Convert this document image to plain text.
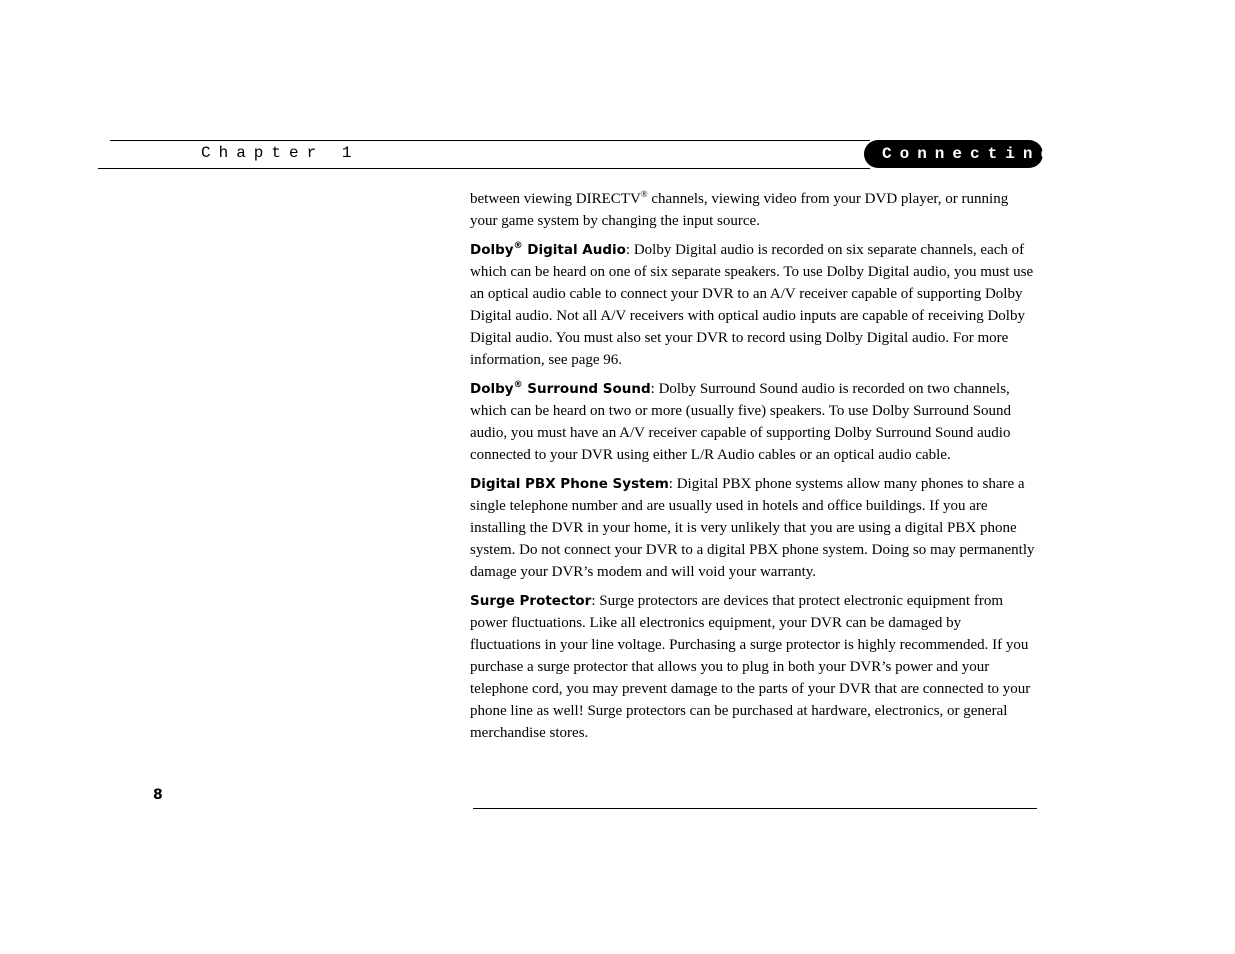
Chapter 1	Connecting

between viewing DIRECTV® channels, viewing video from your DVD player, or running your game system by changing the input source.

Dolby® Digital Audio: Dolby Digital audio is recorded on six separate channels, each of which can be heard on one of six separate speakers. To use Dolby Digital audio, you must use an optical audio cable to connect your DVR to an A/V receiver capable of supporting Dolby Digital audio. Not all A/V receivers with optical audio inputs are capable of receiving Dolby Digital audio. You must also set your DVR to record using Dolby Digital audio. For more information, see page 96.

Dolby® Surround Sound: Dolby Surround Sound audio is recorded on two channels, which can be heard on two or more (usually five) speakers. To use Dolby Surround Sound audio, you must have an A/V receiver capable of supporting Dolby Surround Sound audio connected to your DVR using either L/R Audio cables or an optical audio cable.

Digital PBX Phone System: Digital PBX phone systems allow many phones to share a single telephone number and are usually used in hotels and office buildings. If you are installing the DVR in your home, it is very unlikely that you are using a digital PBX phone system. Do not connect your DVR to a digital PBX phone system. Doing so may permanently damage your DVR’s modem and will void your warranty.

Surge Protector: Surge protectors are devices that protect electronic equipment from power fluctuations. Like all electronics equipment, your DVR can be damaged by fluctuations in your line voltage. Purchasing a surge protector is highly recommended. If you purchase a surge protector that allows you to plug in both your DVR’s power and your telephone cord, you may prevent damage to the parts of your DVR that are connected to your phone line as well! Surge protectors can be purchased at hardware, electronics, or general merchandise stores.

8
